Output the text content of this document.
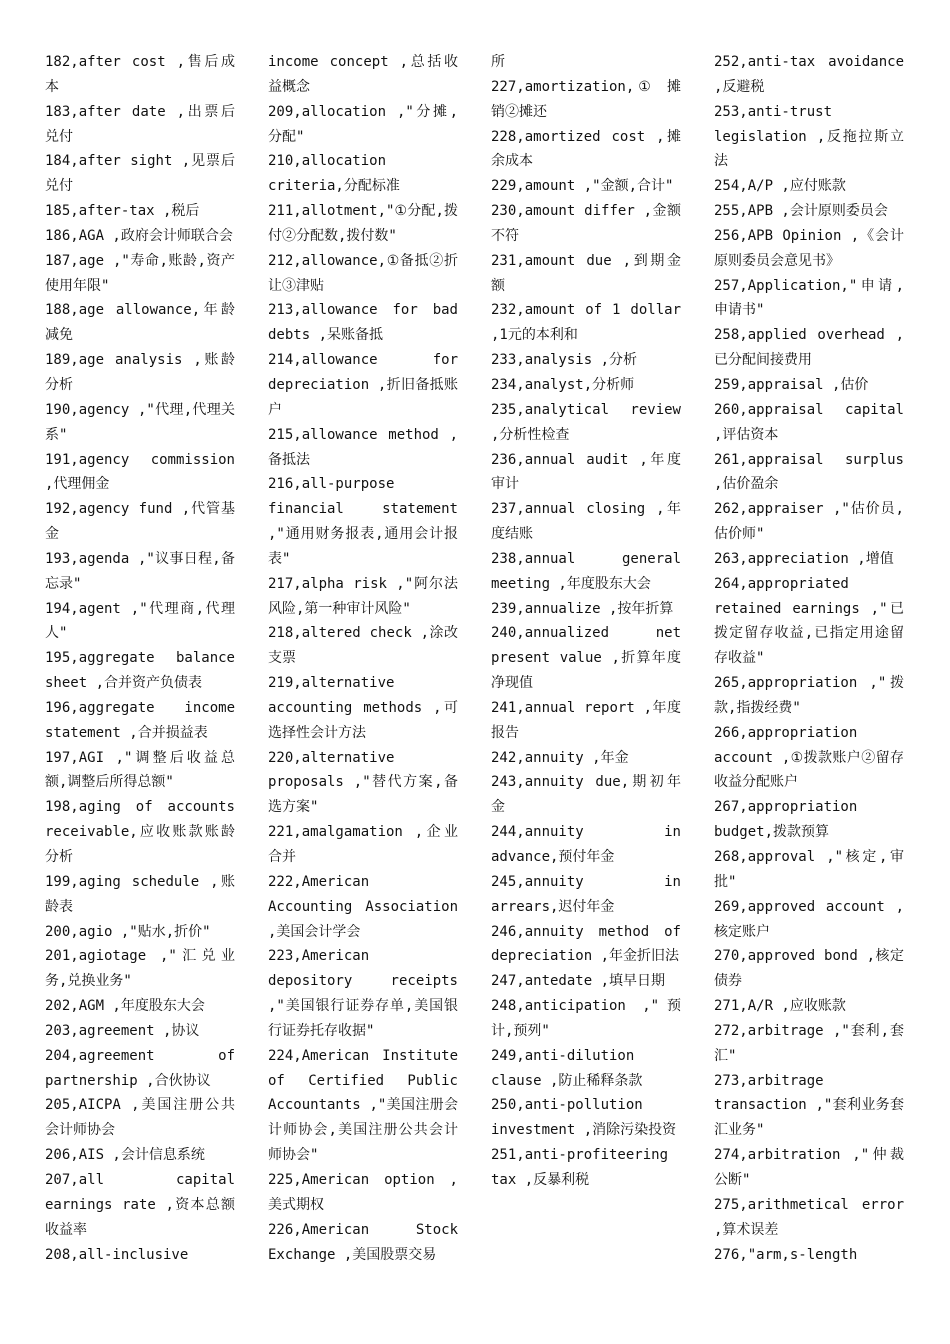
182,after cost ,售后成本
183,after date ,出票后兑付
184,after sight ,见票后兑付
185,after-tax ,税后
186,AGA ,政府会计师联合会
187,age ,"寿命,账龄,资产使用年限"
188,age allowance,年龄减免
189,age analysis ,账龄分析
190,agency ,"代理,代理关系"
191,agency commission ,代理佣金
192,agency fund ,代管基金
193,agenda ,"议事日程,备忘录"
194,agent ,"代理商,代理人"
195,aggregate balance sheet ,合并资产负债表
196,aggregate income statement ,合并损益表
197,AGI ,"调整后收益总额,调整后所得总额"
198,aging of accounts receivable,应收账款账龄分析
199,aging schedule ,账龄表
200,agio ,"贴水,折价"
201,agiotage ,"汇兑业务,兑换业务"
202,AGM ,年度股东大会
203,agreement ,协议
204,agreement of partnership ,合伙协议
205,AICPA ,美国注册公共会计师协会
206,AIS ,会计信息系统
207,all capital earnings rate ,资本总额收益率
208,all-inclusive
income concept ,总括收益概念
209,allocation ,"分摊,分配"
210,allocation criteria,分配标准
211,allotment,"①分配,拨付②分配数,拨付数"
212,allowance,①备抵②折让③津贴
213,allowance for bad debts ,呆账备抵
214,allowance for depreciation ,折旧备抵账户
215,allowance method ,备抵法
216,all-purpose financial statement ,"通用财务报表,通用会计报表"
217,alpha risk ,"阿尔法风险,第一种审计风险"
218,altered check ,涂改支票
219,alternative accounting methods ,可选择性会计方法
220,alternative proposals ,"替代方案,备选方案"
221,amalgamation ,企业合并
222,American Accounting Association ,美国会计学会
223,American depository receipts ,"美国银行证券存单,美国银行证券托存收据"
224,American Institute of Certified Public Accountants ,"美国注册会计师协会,美国注册公共会计师协会"
225,American option ,美式期权
226,American Stock Exchange ,美国股票交易
所
227,amortization,① 摊销②摊还
228,amortized cost ,摊余成本
229,amount ,"金额,合计"
230,amount differ ,金额不符
231,amount due ,到期金额
232,amount of 1 dollar ,1元的本利和
233,analysis ,分析
234,analyst,分析师
235,analytical review ,分析性检查
236,annual audit ,年度审计
237,annual closing ,年度结账
238,annual general meeting ,年度股东大会
239,annualize ,按年折算
240,annualized net present value ,折算年度净现值
241,annual report ,年度报告
242,annuity ,年金
243,annuity due,期初年金
244,annuity in advance,预付年金
245,annuity in arrears,迟付年金
246,annuity method of depreciation ,年金折旧法
247,antedate ,填早日期
248,anticipation ,"预计,预列"
249,anti-dilution clause ,防止稀释条款
250,anti-pollution investment ,消除污染投资
251,anti-profiteering tax ,反暴利税
252,anti-tax avoidance ,反避税
253,anti-trust legislation ,反拖拉斯立法
254,A/P ,应付账款
255,APB ,会计原则委员会
256,APB Opinion ,《会计原则委员会意见书》
257,Application,"申请,申请书"
258,applied overhead ,已分配间接费用
259,appraisal ,估价
260,appraisal capital ,评估资本
261,appraisal surplus ,估价盈余
262,appraiser ,"估价员,估价师"
263,appreciation ,增值
264,appropriated retained earnings ,"已拨定留存收益,已指定用途留存收益"
265,appropriation ,"拨款,指拨经费"
266,appropriation account ,①拨款账户②留存收益分配账户
267,appropriation budget,拨款预算
268,approval ,"核定,审批"
269,approved account ,核定账户
270,approved bond ,核定债券
271,A/R ,应收账款
272,arbitrage ,"套利,套汇"
273,arbitrage transaction ,"套利业务套汇业务"
274,arbitration ,"仲裁公断"
275,arithmetical error ,算术误差
276,"arm,s-length
